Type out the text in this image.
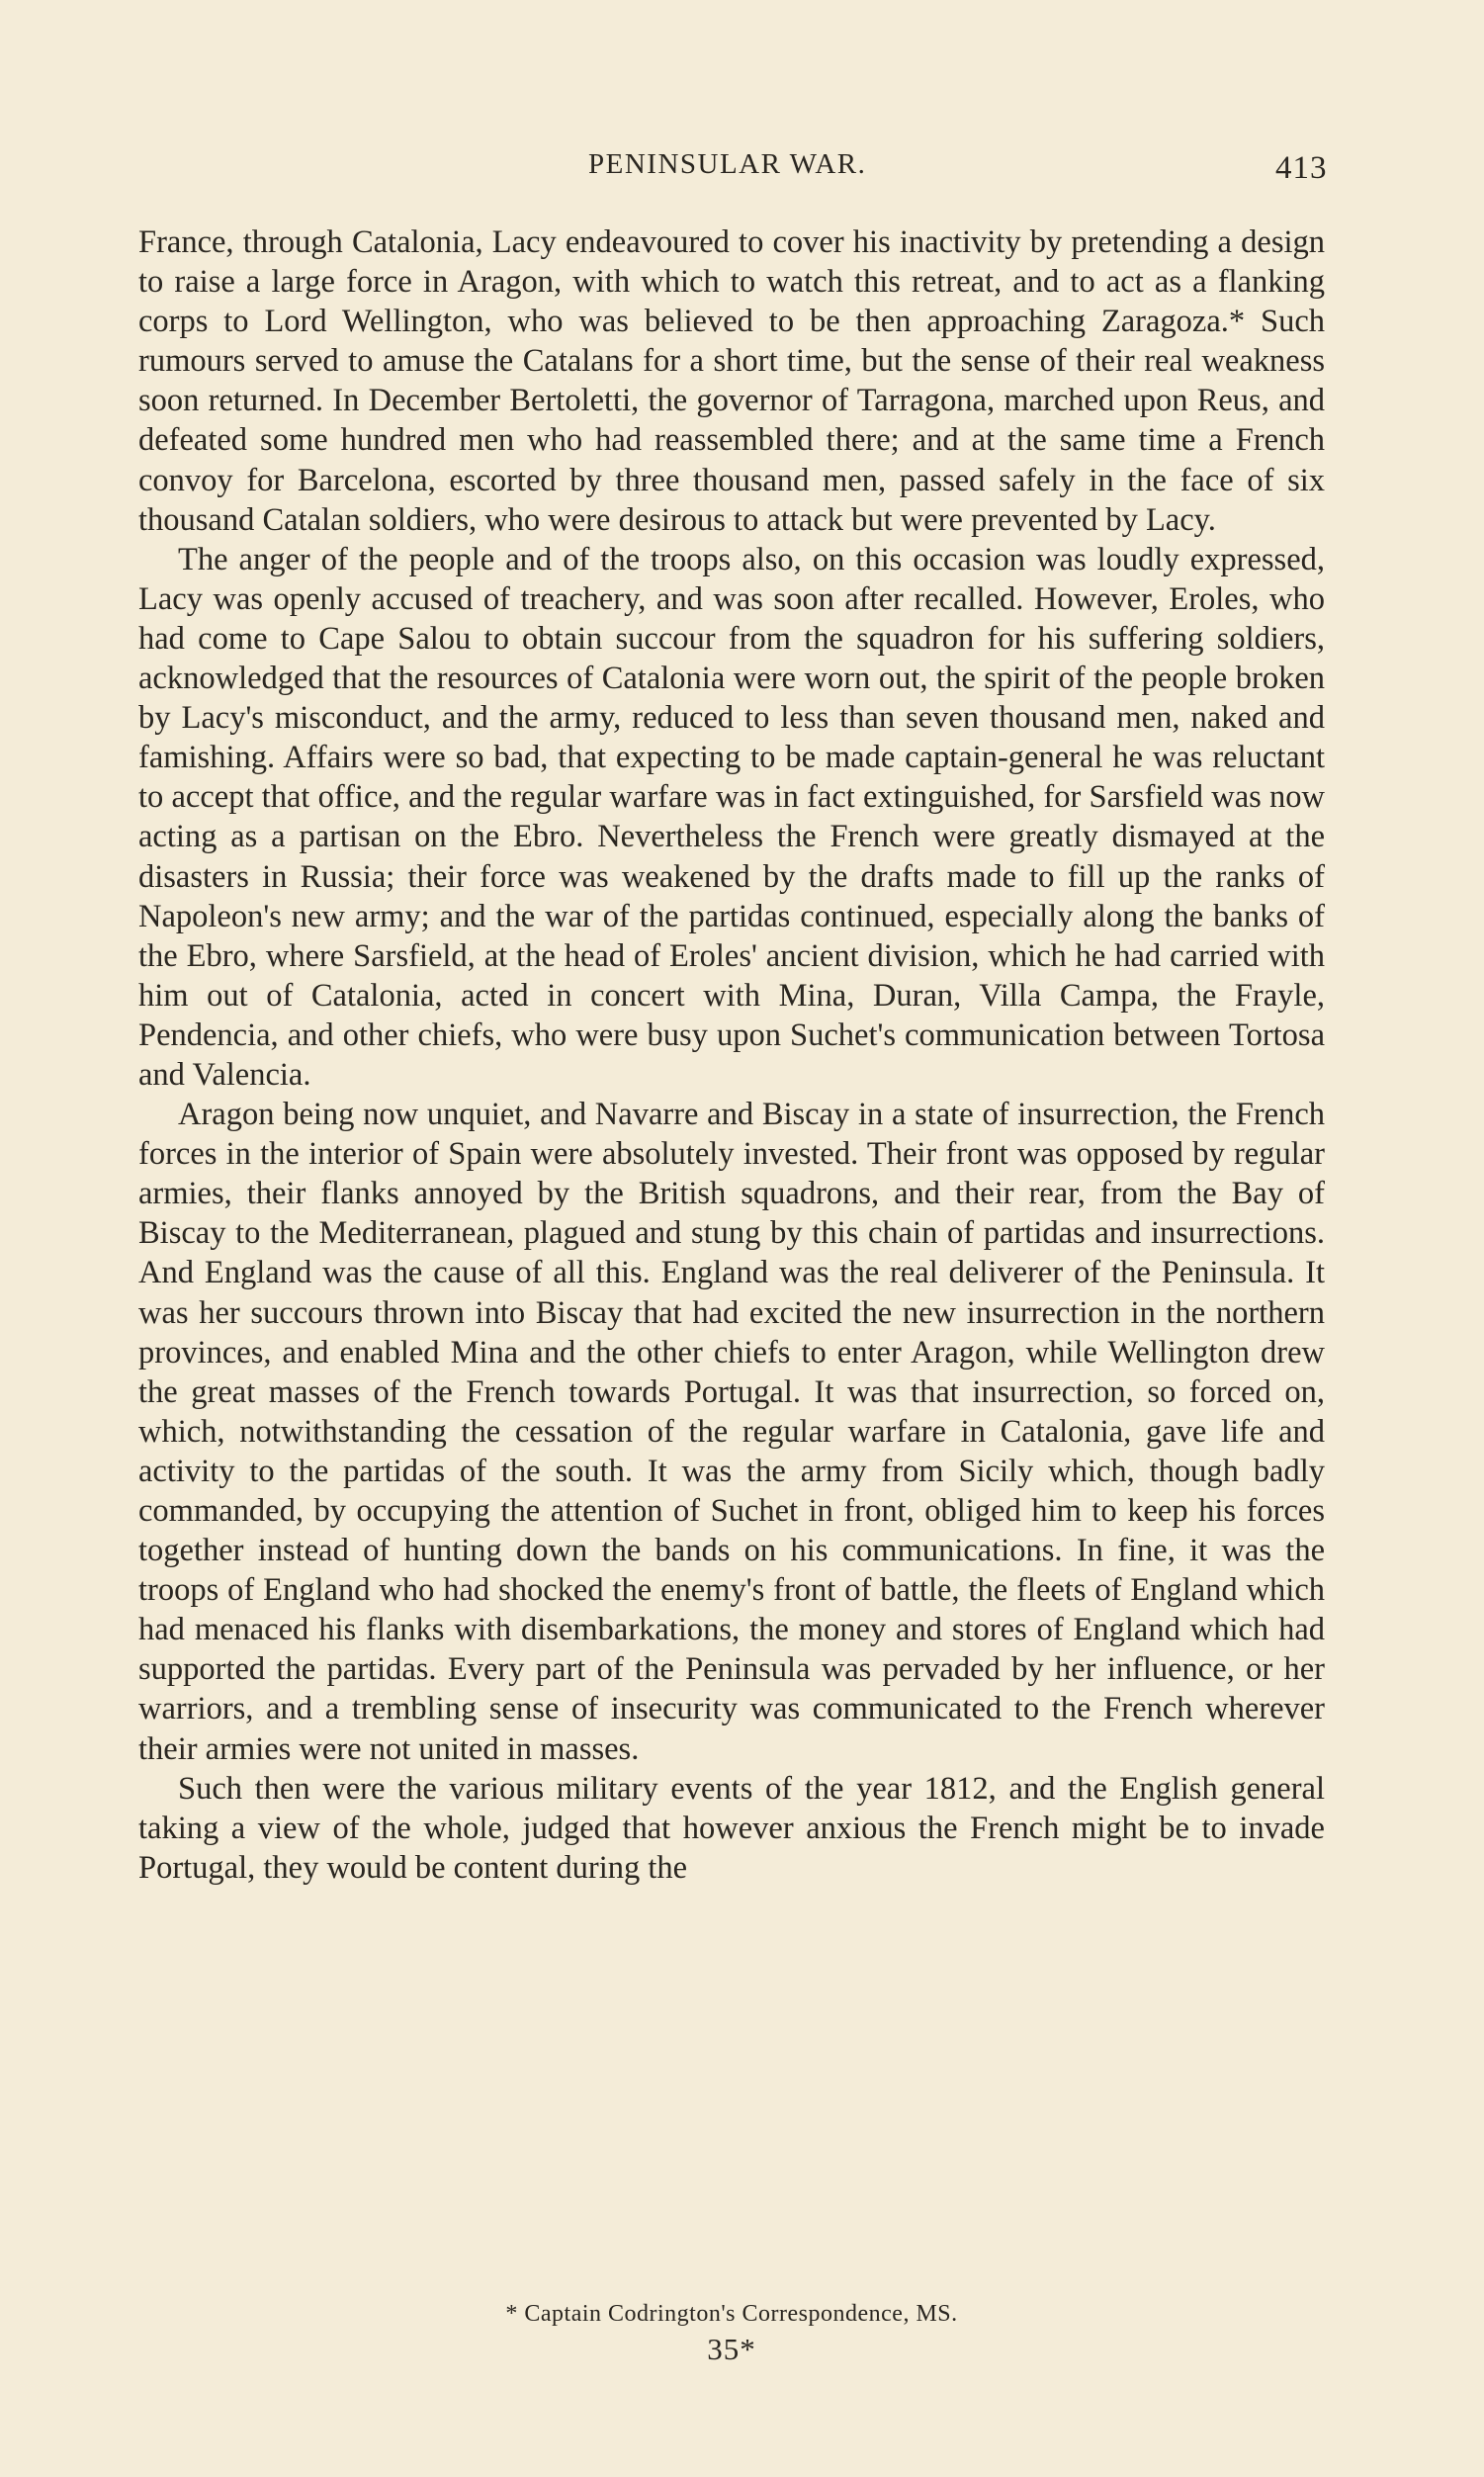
PENINSULAR WAR.	413

France, through Catalonia, Lacy endeavoured to cover his inactivity by pretending a design to raise a large force in Aragon, with which to watch this retreat, and to act as a flanking corps to Lord Wellington, who was believed to be then approaching Zaragoza.* Such rumours served to amuse the Catalans for a short time, but the sense of their real weakness soon returned. In December Bertoletti, the governor of Tarragona, marched upon Reus, and defeated some hundred men who had reassembled there; and at the same time a French convoy for Barcelona, escorted by three thousand men, passed safely in the face of six thousand Catalan soldiers, who were desirous to attack but were prevented by Lacy.

The anger of the people and of the troops also, on this occasion was loudly expressed, Lacy was openly accused of treachery, and was soon after recalled. However, Eroles, who had come to Cape Salou to obtain succour from the squadron for his suffering soldiers, acknowledged that the resources of Catalonia were worn out, the spirit of the people broken by Lacy's misconduct, and the army, reduced to less than seven thousand men, naked and famishing. Affairs were so bad, that expecting to be made captain-general he was reluctant to accept that office, and the regular warfare was in fact extinguished, for Sarsfield was now acting as a partisan on the Ebro. Nevertheless the French were greatly dismayed at the disasters in Russia; their force was weakened by the drafts made to fill up the ranks of Napoleon's new army; and the war of the partidas continued, especially along the banks of the Ebro, where Sarsfield, at the head of Eroles' ancient division, which he had carried with him out of Catalonia, acted in concert with Mina, Duran, Villa Campa, the Frayle, Pendencia, and other chiefs, who were busy upon Suchet's communication between Tortosa and Valencia.

Aragon being now unquiet, and Navarre and Biscay in a state of insurrection, the French forces in the interior of Spain were absolutely invested. Their front was opposed by regular armies, their flanks annoyed by the British squadrons, and their rear, from the Bay of Biscay to the Mediterranean, plagued and stung by this chain of partidas and insurrections. And England was the cause of all this. England was the real deliverer of the Peninsula. It was her succours thrown into Biscay that had excited the new insurrection in the northern provinces, and enabled Mina and the other chiefs to enter Aragon, while Wellington drew the great masses of the French towards Portugal. It was that insurrection, so forced on, which, notwithstanding the cessation of the regular warfare in Catalonia, gave life and activity to the partidas of the south. It was the army from Sicily which, though badly commanded, by occupying the attention of Suchet in front, obliged him to keep his forces together instead of hunting down the bands on his communications. In fine, it was the troops of England who had shocked the enemy's front of battle, the fleets of England which had menaced his flanks with disembarkations, the money and stores of England which had supported the partidas. Every part of the Peninsula was pervaded by her influence, or her warriors, and a trembling sense of insecurity was communicated to the French wherever their armies were not united in masses.

Such then were the various military events of the year 1812, and the English general taking a view of the whole, judged that however anxious the French might be to invade Portugal, they would be content during the

* Captain Codrington's Correspondence, MS.
35*
